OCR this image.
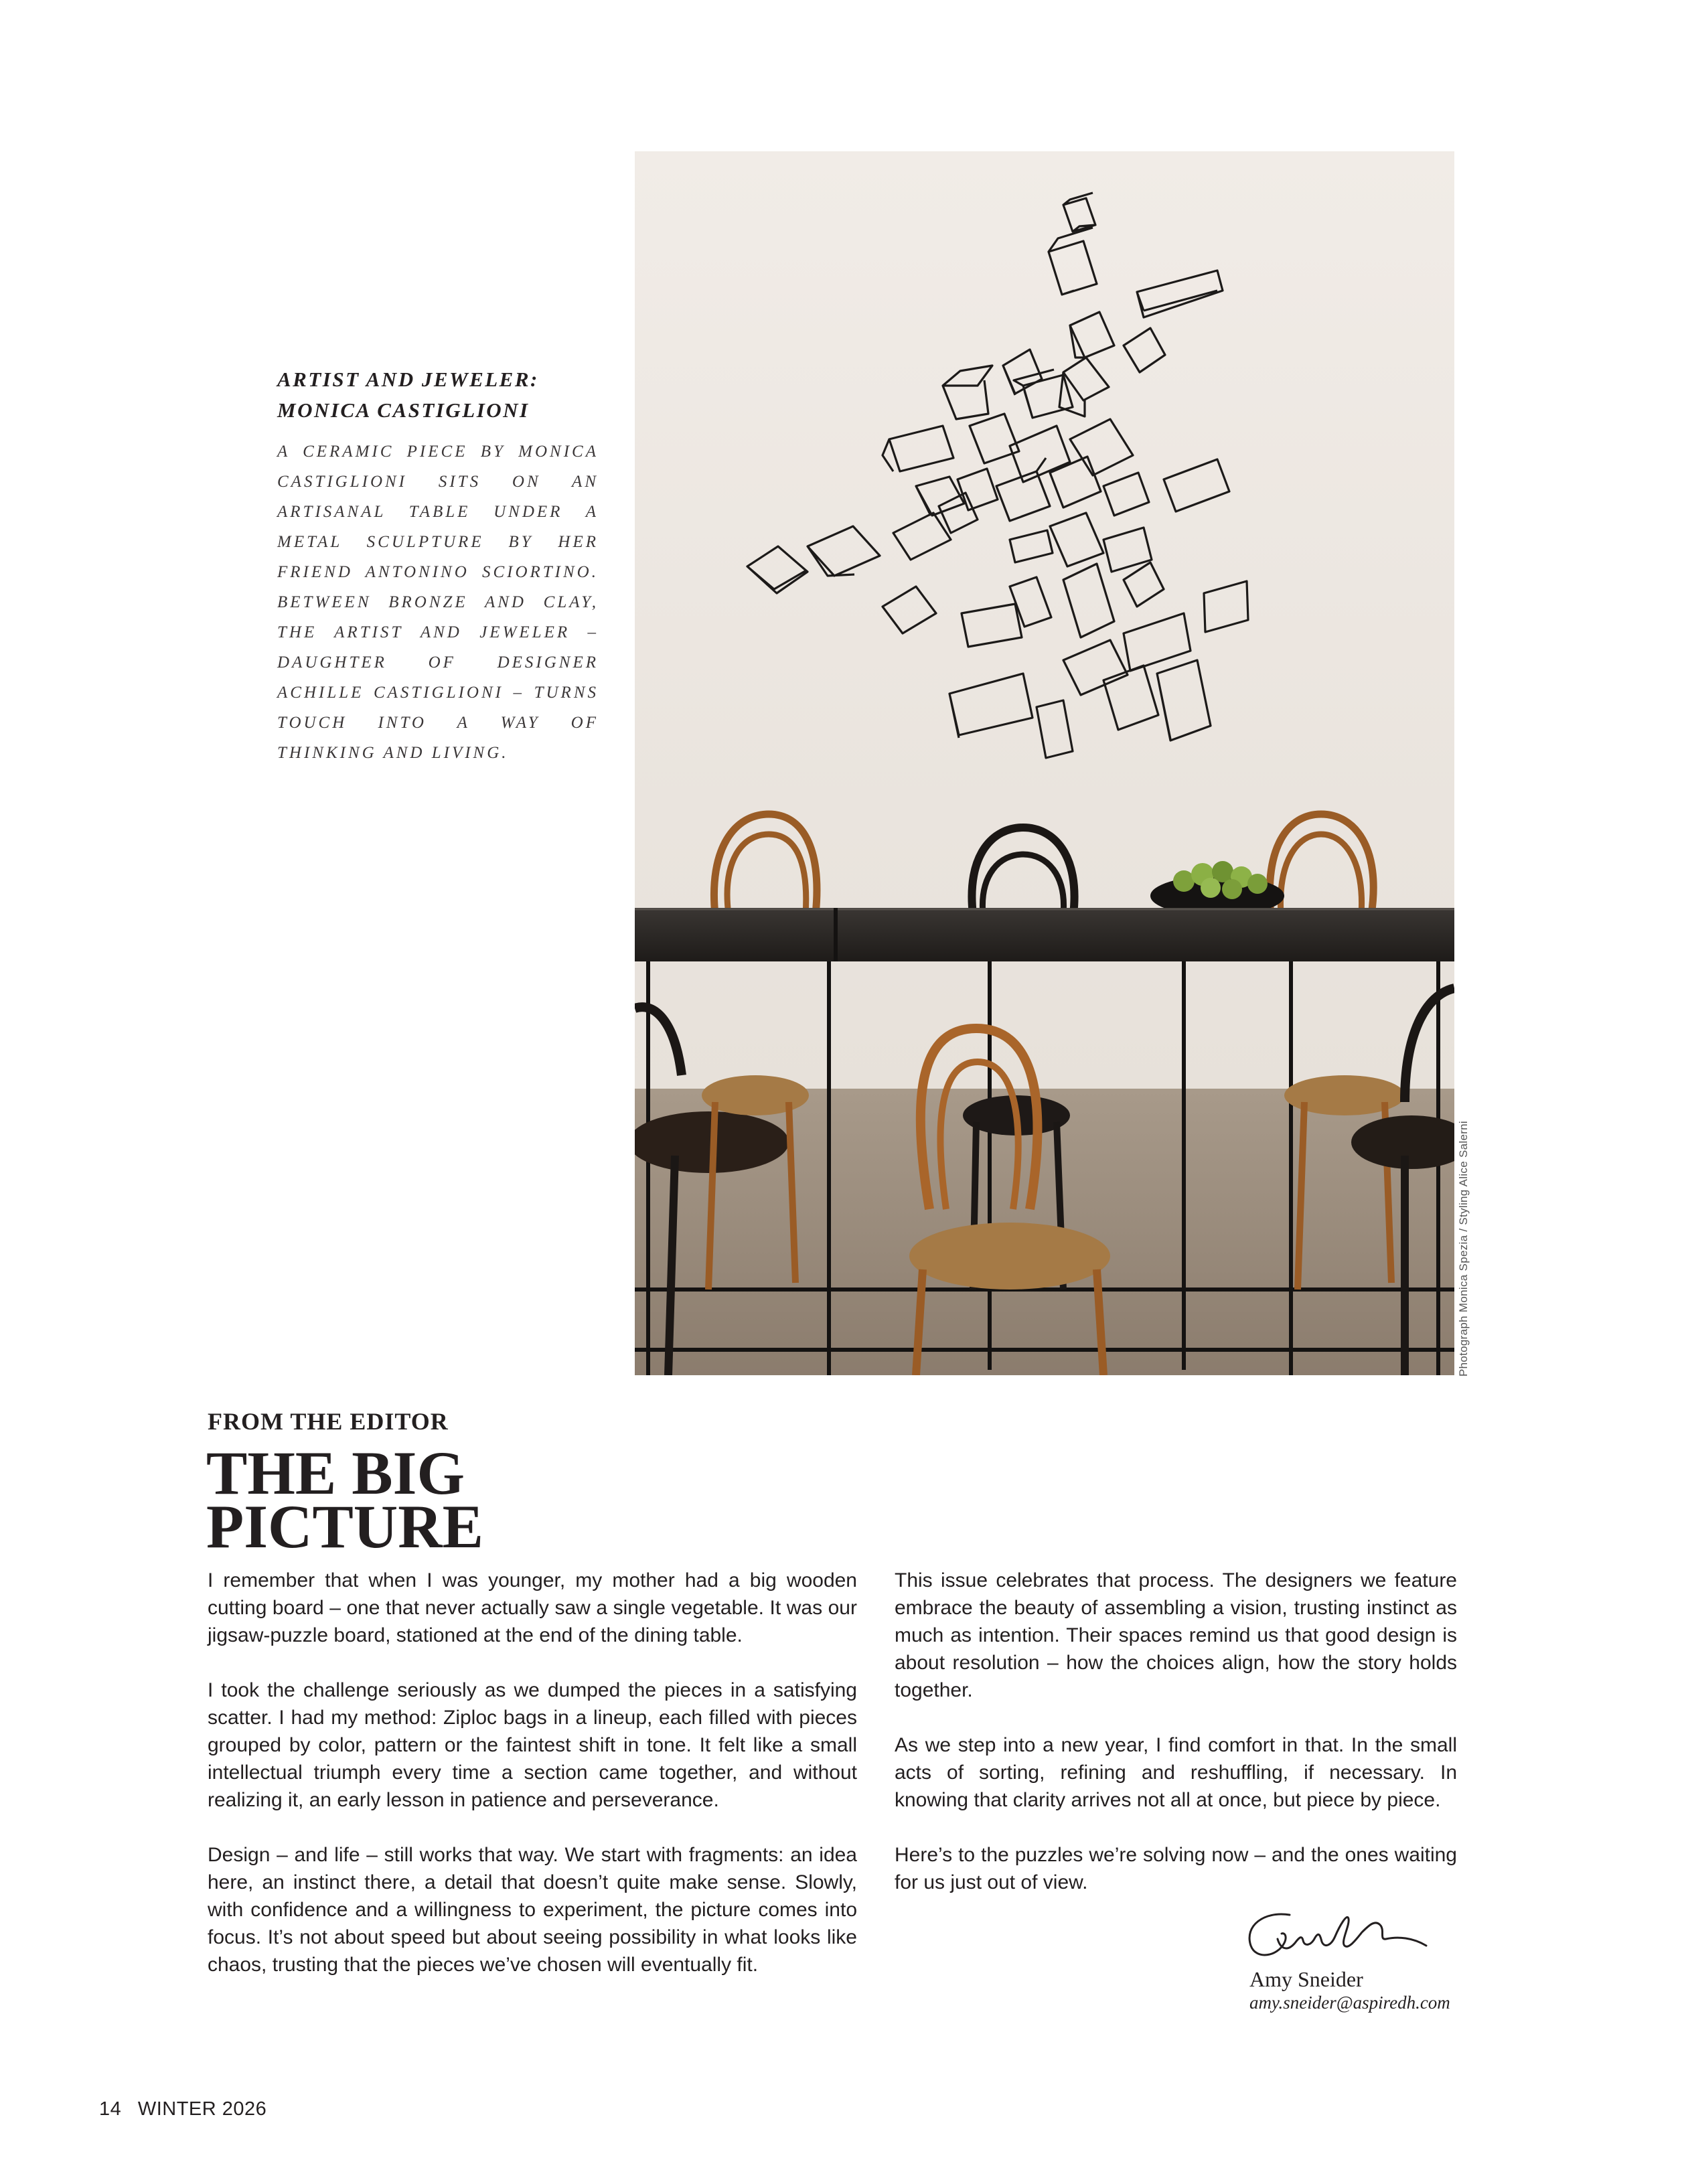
Photograph Monica Spezia / Styling Alice Salerni
ARTIST AND JEWELER:
MONICA CASTIGLIONI
A CERAMIC PIECE BY MONICA CASTIGLIONI SITS ON AN ARTISANAL TABLE UNDER A METAL SCULPTURE BY HER FRIEND ANTONINO SCIORTINO. BETWEEN BRONZE AND CLAY, THE ARTIST AND JEWELER – DAUGHTER OF DESIGNER ACHILLE CASTIGLIONI – TURNS TOUCH INTO A WAY OF THINKING AND LIVING.
FROM THE EDITOR
THE BIG
PICTURE

I remember that when I was younger, my mother had a big wooden cutting board – one that never actually saw a single vegetable. It was our jigsaw-puzzle board, stationed at the end of the dining table.

I took the challenge seriously as we dumped the pieces in a satisfying scatter. I had my method: Ziploc bags in a lineup, each filled with pieces grouped by color, pattern or the faintest shift in tone. It felt like a small intellectual triumph every time a section came together, and without realizing it, an early lesson in patience and perseverance.

Design – and life – still works that way. We start with fragments: an idea here, an instinct there, a detail that doesn’t quite make sense. Slowly, with confidence and a willingness to experiment, the picture comes into focus. It’s not about speed but about seeing possibility in what looks like chaos, trusting that the pieces we’ve chosen will eventually fit.

This issue celebrates that process. The designers we feature embrace the beauty of assembling a vision, trusting instinct as much as intention. Their spaces remind us that good design is about resolution – how the choices align, how the story holds together.

As we step into a new year, I find comfort in that. In the small acts of sorting, refining and reshuffling, if necessary. In knowing that clarity arrives not all at once, but piece by piece.

Here’s to the puzzles we’re solving now – and the ones waiting for us just out of view.

Amy Sneider
amy.sneider@aspiredh.com
14 WINTER 2026
